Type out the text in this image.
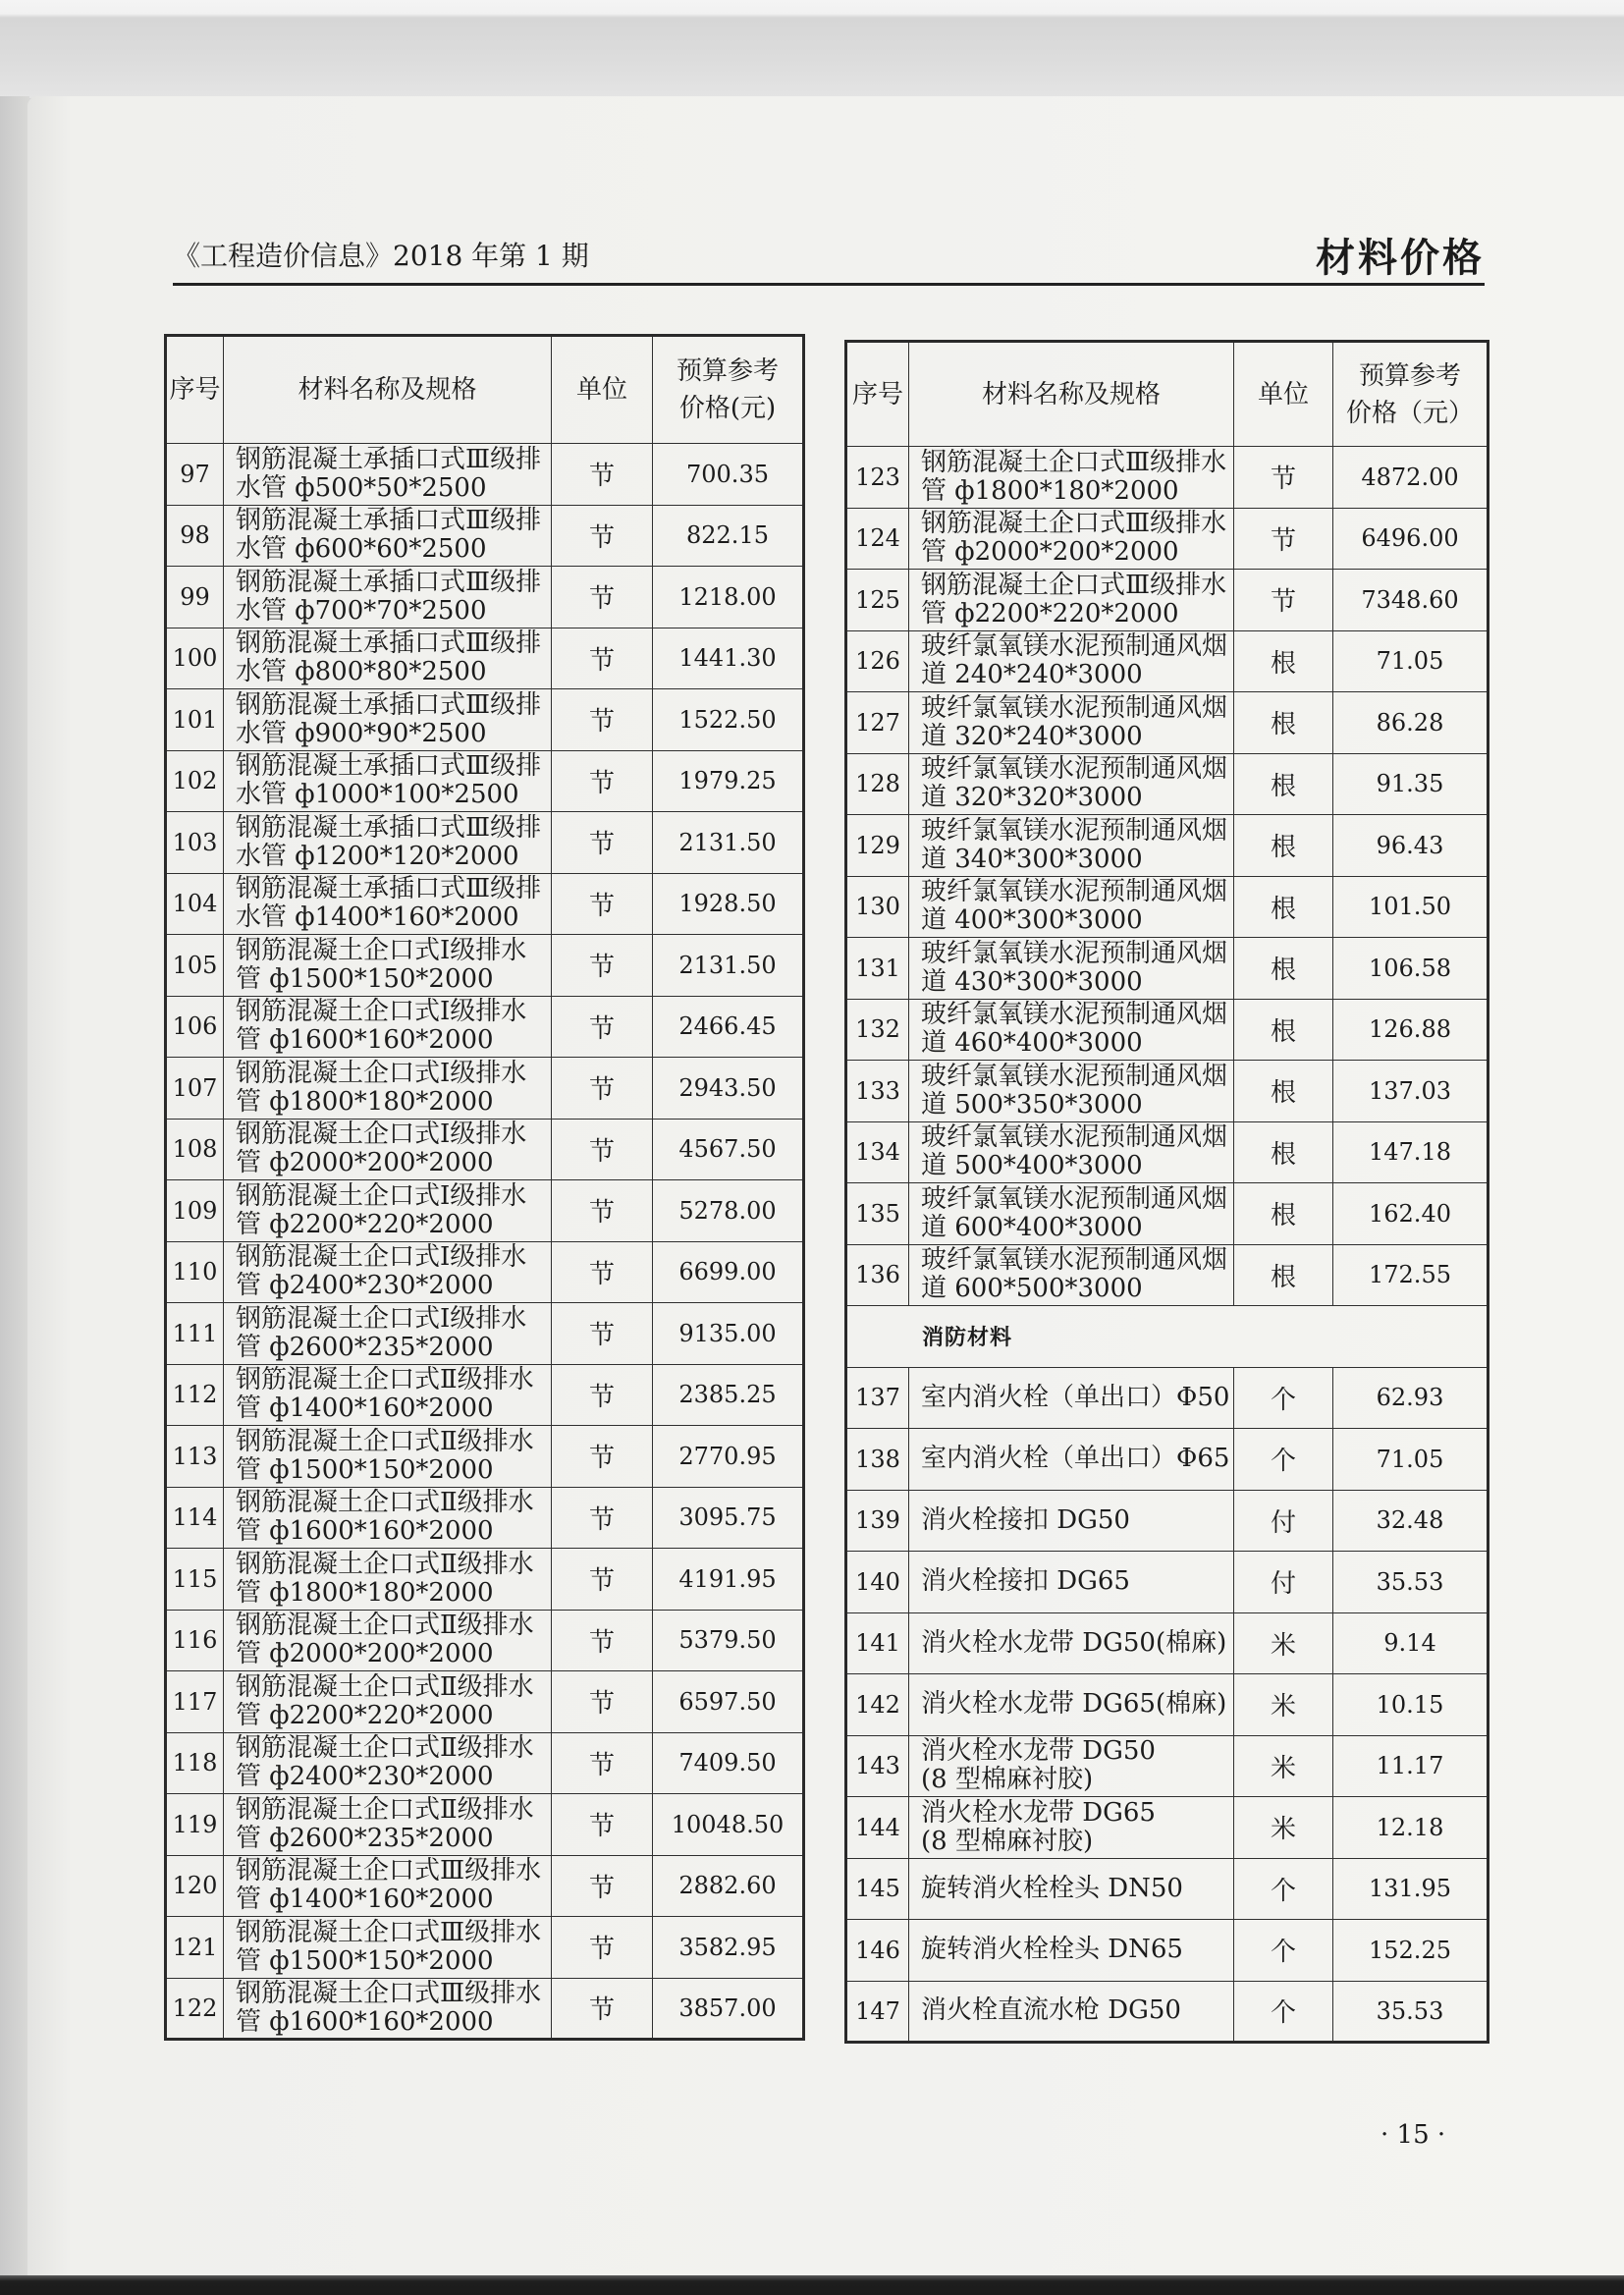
《工程造价信息》2018 年第 1 期	材料价格
序号	材料名称及规格	单位	预算参考
价格(元)

97	钢筋混凝土承插口式Ⅲ级排
水管 ф500*50*2500	节	700.35
98	钢筋混凝土承插口式Ⅲ级排
水管 ф600*60*2500	节	822.15
99	钢筋混凝土承插口式Ⅲ级排
水管 ф700*70*2500	节	1218.00
100	钢筋混凝土承插口式Ⅲ级排
水管 ф800*80*2500	节	1441.30
101	钢筋混凝土承插口式Ⅲ级排
水管 ф900*90*2500	节	1522.50
102	钢筋混凝土承插口式Ⅲ级排
水管 ф1000*100*2500	节	1979.25
103	钢筋混凝土承插口式Ⅲ级排
水管 ф1200*120*2000	节	2131.50
104	钢筋混凝土承插口式Ⅲ级排
水管 ф1400*160*2000	节	1928.50
105	钢筋混凝土企口式Ⅰ级排水
管 ф1500*150*2000	节	2131.50
106	钢筋混凝土企口式Ⅰ级排水
管 ф1600*160*2000	节	2466.45
107	钢筋混凝土企口式Ⅰ级排水
管 ф1800*180*2000	节	2943.50
108	钢筋混凝土企口式Ⅰ级排水
管 ф2000*200*2000	节	4567.50
109	钢筋混凝土企口式Ⅰ级排水
管 ф2200*220*2000	节	5278.00
110	钢筋混凝土企口式Ⅰ级排水
管 ф2400*230*2000	节	6699.00
111	钢筋混凝土企口式Ⅰ级排水
管 ф2600*235*2000	节	9135.00
112	钢筋混凝土企口式Ⅱ级排水
管 ф1400*160*2000	节	2385.25
113	钢筋混凝土企口式Ⅱ级排水
管 ф1500*150*2000	节	2770.95
114	钢筋混凝土企口式Ⅱ级排水
管 ф1600*160*2000	节	3095.75
115	钢筋混凝土企口式Ⅱ级排水
管 ф1800*180*2000	节	4191.95
116	钢筋混凝土企口式Ⅱ级排水
管 ф2000*200*2000	节	5379.50
117	钢筋混凝土企口式Ⅱ级排水
管 ф2200*220*2000	节	6597.50
118	钢筋混凝土企口式Ⅱ级排水
管 ф2400*230*2000	节	7409.50
119	钢筋混凝土企口式Ⅱ级排水
管 ф2600*235*2000	节	10048.50
120	钢筋混凝土企口式Ⅲ级排水
管 ф1400*160*2000	节	2882.60
121	钢筋混凝土企口式Ⅲ级排水
管 ф1500*150*2000	节	3582.95
122	钢筋混凝土企口式Ⅲ级排水
管 ф1600*160*2000	节	3857.00
序号	材料名称及规格	单位	预算参考
价格（元）

123	钢筋混凝土企口式Ⅲ级排水
管 ф1800*180*2000	节	4872.00
124	钢筋混凝土企口式Ⅲ级排水
管 ф2000*200*2000	节	6496.00
125	钢筋混凝土企口式Ⅲ级排水
管 ф2200*220*2000	节	7348.60
126	玻纤氯氧镁水泥预制通风烟
道 240*240*3000	根	71.05
127	玻纤氯氧镁水泥预制通风烟
道 320*240*3000	根	86.28
128	玻纤氯氧镁水泥预制通风烟
道 320*320*3000	根	91.35
129	玻纤氯氧镁水泥预制通风烟
道 340*300*3000	根	96.43
130	玻纤氯氧镁水泥预制通风烟
道 400*300*3000	根	101.50
131	玻纤氯氧镁水泥预制通风烟
道 430*300*3000	根	106.58
132	玻纤氯氧镁水泥预制通风烟
道 460*400*3000	根	126.88
133	玻纤氯氧镁水泥预制通风烟
道 500*350*3000	根	137.03
134	玻纤氯氧镁水泥预制通风烟
道 500*400*3000	根	147.18
135	玻纤氯氧镁水泥预制通风烟
道 600*400*3000	根	162.40
136	玻纤氯氧镁水泥预制通风烟
道 600*500*3000	根	172.55
消防材料			
137	室内消火栓（单出口）Φ50	个	62.93
138	室内消火栓（单出口）Φ65	个	71.05
139	消火栓接扣 DG50	付	32.48
140	消火栓接扣 DG65	付	35.53
141	消火栓水龙带 DG50(棉麻)	米	9.14
142	消火栓水龙带 DG65(棉麻)	米	10.15
143	消火栓水龙带 DG50
(8 型棉麻衬胶)	米	11.17
144	消火栓水龙带 DG65
(8 型棉麻衬胶)	米	12.18
145	旋转消火栓栓头 DN50	个	131.95
146	旋转消火栓栓头 DN65	个	152.25
147	消火栓直流水枪 DG50	个	35.53
· 15 ·
